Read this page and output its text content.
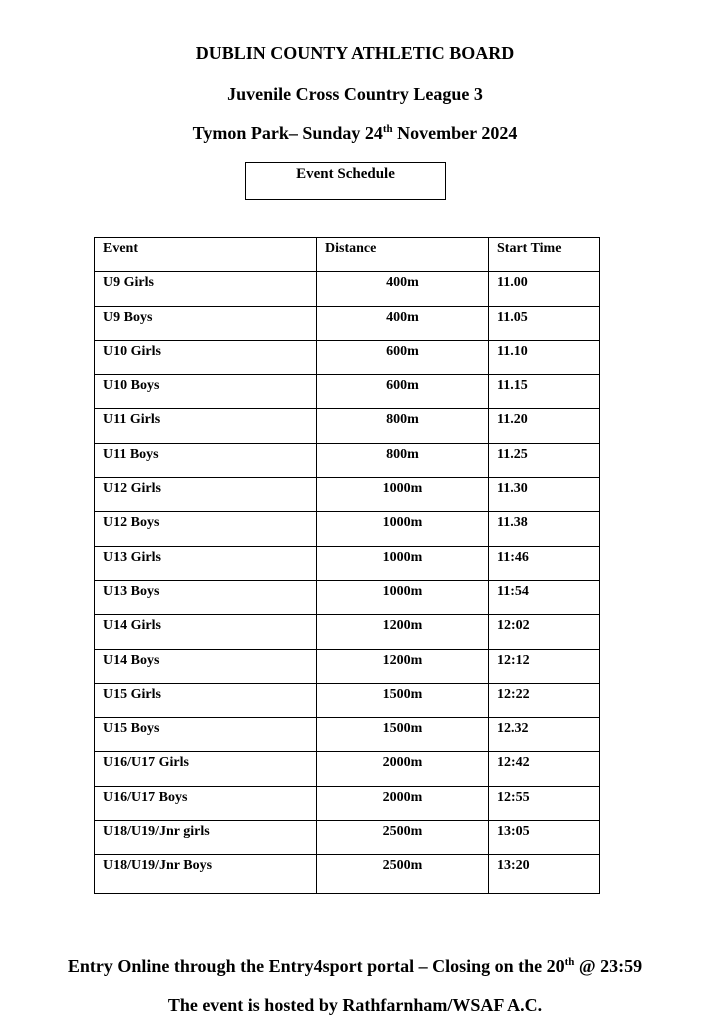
DUBLIN COUNTY ATHLETIC BOARD
Juvenile Cross Country League 3
Tymon Park– Sunday 24th November 2024
Event Schedule
Event	Distance	Start Time
U9 Girls	400m	11.00
U9 Boys	400m	11.05
U10 Girls	600m	11.10
U10 Boys	600m	11.15
U11 Girls	800m	11.20
U11 Boys	800m	11.25
U12 Girls	1000m	11.30
U12 Boys	1000m	11.38
U13 Girls	1000m	11:46
U13 Boys	1000m	11:54
U14 Girls	1200m	12:02
U14 Boys	1200m	12:12
U15 Girls	1500m	12:22
U15 Boys	1500m	12.32
U16/U17 Girls	2000m	12:42
U16/U17 Boys	2000m	12:55
U18/U19/Jnr girls	2500m	13:05
U18/U19/Jnr Boys	2500m	13:20
Entry Online through the Entry4sport portal – Closing on the 20th @ 23:59
The event is hosted by Rathfarnham/WSAF A.C.
